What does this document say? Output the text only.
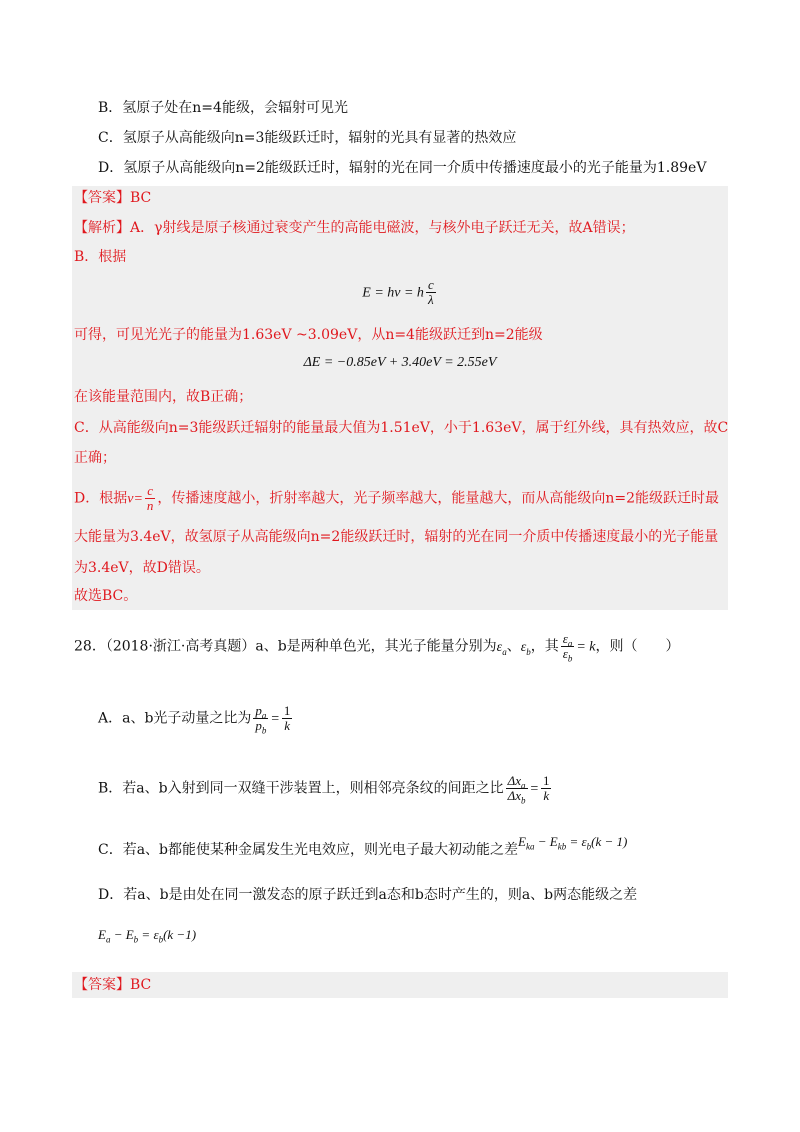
B．氢原子处在n=4能级，会辐射可见光
C．氢原子从高能级向n=3能级跃迁时，辐射的光具有显著的热效应
D．氢原子从高能级向n=2能级跃迁时，辐射的光在同一介质中传播速度最小的光子能量为1.89eV
【答案】BC
【解析】A．γ射线是原子核通过衰变产生的高能电磁波，与核外电子跃迁无关，故A错误；
B．根据
E = hν = h $\frac{c}{\lambda}$
可得，可见光光子的能量为1.63eV ~3.09eV，从n=4能级跃迁到n=2能级
ΔE = −0.85eV + 3.40eV = 2.55eV
在该能量范围内，故B正确；
C．从高能级向n=3能级跃迁辐射的能量最大值为1.51eV，小于1.63eV，属于红外线，具有热效应，故C
正确；
D．根据$v= \frac{c}{n}$ ，传播速度越小，折射率越大，光子频率越大，能量越大，而从高能级向n=2能级跃迁时最
大能量为3.4eV，故氢原子从高能级向n=2能级跃迁时，辐射的光在同一介质中传播速度最小的光子能量
为3.4eV，故D错误。
故选BC。
28．（2018·浙江·高考真题）a、b是两种单色光，其光子能量分别为$\varepsilon_a$、$\varepsilon_b$，其 $\frac{\varepsilon_a}{\varepsilon_b} = k$，则（　　）
A．a、b光子动量之比为 $\frac{p_a}{p_b} = \frac{1}{k}$
B．若a、b入射到同一双缝干涉装置上，则相邻亮条纹的间距之比 $\frac{\Delta x_a}{\Delta x_b} = \frac{1}{k}$
C．若a、b都能使某种金属发生光电效应，则光电子最大初动能之差$E_{ka} - E_{kb} = \varepsilon_b(k - 1)$
D．若a、b是由处在同一激发态的原子跃迁到a态和b态时产生的，则a、b两态能级之差
$E_a - E_b = \varepsilon_b(k -1)$
【答案】BC
